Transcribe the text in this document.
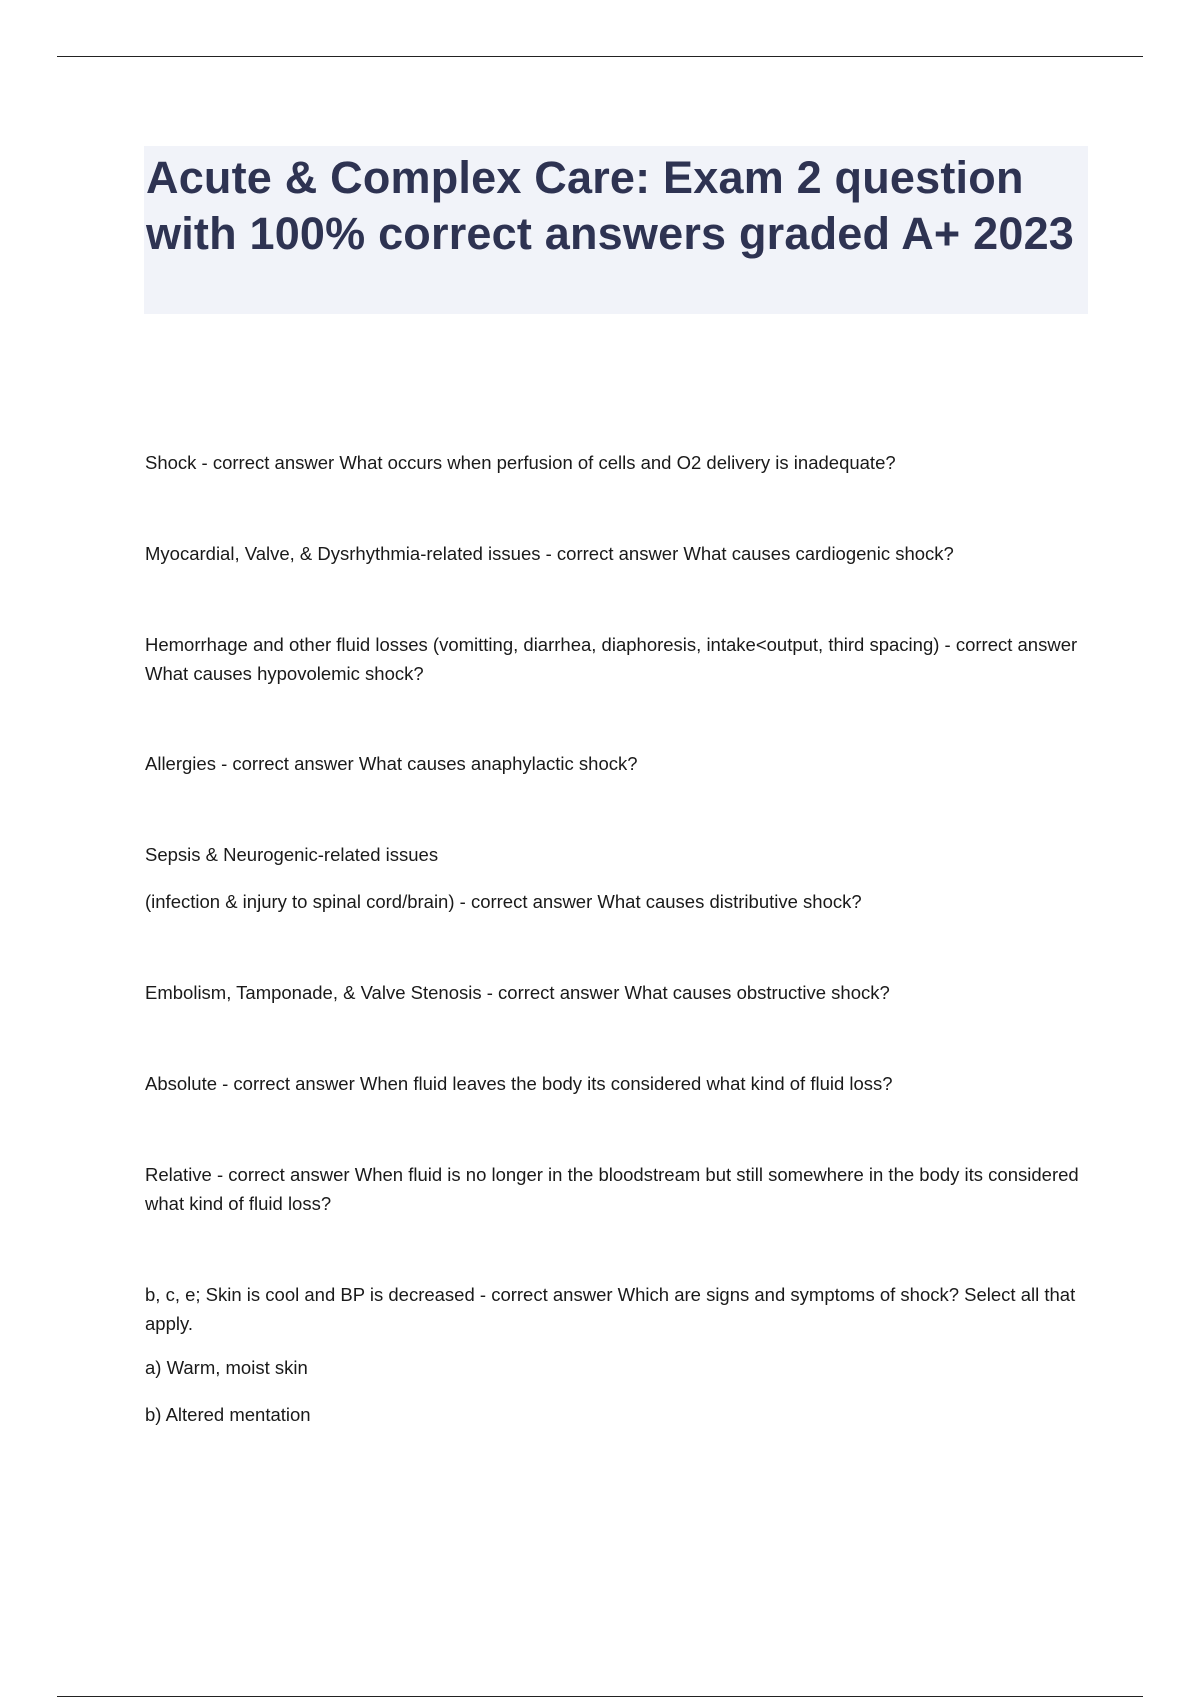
Acute & Complex Care: Exam 2 question with 100% correct answers graded A+ 2023

Shock - correct answer What occurs when perfusion of cells and O2 delivery is inadequate?

Myocardial, Valve, & Dysrhythmia-related issues - correct answer What causes cardiogenic shock?

Hemorrhage and other fluid losses (vomitting, diarrhea, diaphoresis, intake<output, third spacing) - correct answer What causes hypovolemic shock?

Allergies - correct answer What causes anaphylactic shock?

Sepsis & Neurogenic-related issues

(infection & injury to spinal cord/brain) - correct answer What causes distributive shock?

Embolism, Tamponade, & Valve Stenosis - correct answer What causes obstructive shock?

Absolute - correct answer When fluid leaves the body its considered what kind of fluid loss?

Relative - correct answer When fluid is no longer in the bloodstream but still somewhere in the body its considered what kind of fluid loss?

b, c, e; Skin is cool and BP is decreased - correct answer Which are signs and symptoms of shock? Select all that apply.

a) Warm, moist skin

b) Altered mentation
